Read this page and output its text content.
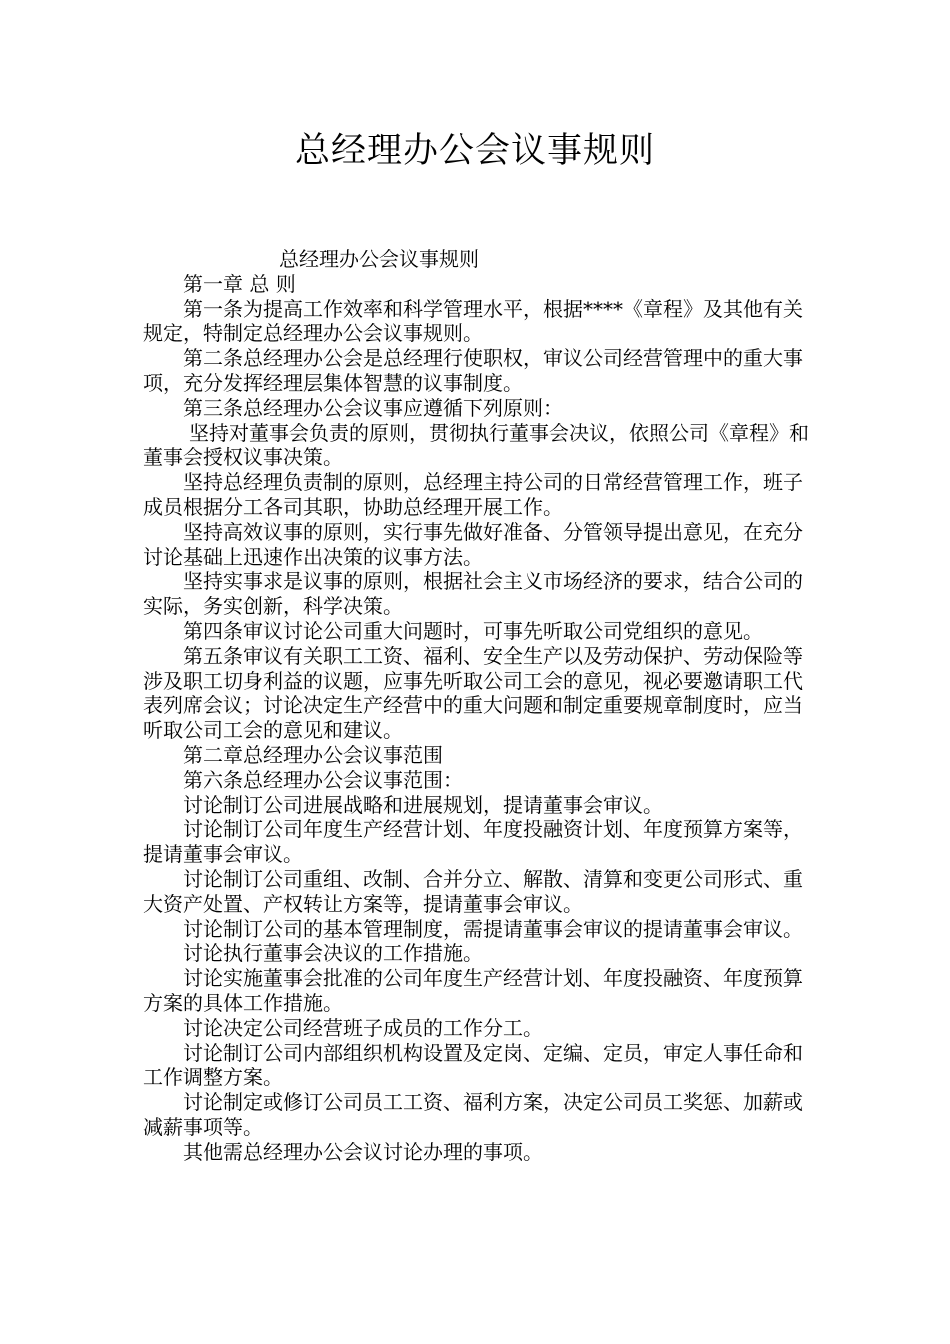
总经理办公会议事规则

总经理办公会议事规则

第一章 总 则

第一条为提高工作效率和科学管理水平，根据****《章程》及其他有关规定，特制定总经理办公会议事规则。

第二条总经理办公会是总经理行使职权，审议公司经营管理中的重大事项，充分发挥经理层集体智慧的议事制度。

第三条总经理办公会议事应遵循下列原则：

坚持对董事会负责的原则，贯彻执行董事会决议，依照公司《章程》和董事会授权议事决策。

坚持总经理负责制的原则，总经理主持公司的日常经营管理工作，班子成员根据分工各司其职，协助总经理开展工作。

坚持高效议事的原则，实行事先做好准备、分管领导提出意见，在充分讨论基础上迅速作出决策的议事方法。

坚持实事求是议事的原则，根据社会主义市场经济的要求，结合公司的实际，务实创新，科学决策。

第四条审议讨论公司重大问题时，可事先听取公司党组织的意见。

第五条审议有关职工工资、福利、安全生产以及劳动保护、劳动保险等涉及职工切身利益的议题，应事先听取公司工会的意见，视必要邀请职工代表列席会议；讨论决定生产经营中的重大问题和制定重要规章制度时，应当听取公司工会的意见和建议。

第二章总经理办公会议事范围

第六条总经理办公会议事范围：

讨论制订公司进展战略和进展规划，提请董事会审议。

讨论制订公司年度生产经营计划、年度投融资计划、年度预算方案等，提请董事会审议。

讨论制订公司重组、改制、合并分立、解散、清算和变更公司形式、重大资产处置、产权转让方案等，提请董事会审议。

讨论制订公司的基本管理制度，需提请董事会审议的提请董事会审议。

讨论执行董事会决议的工作措施。

讨论实施董事会批准的公司年度生产经营计划、年度投融资、年度预算方案的具体工作措施。

讨论决定公司经营班子成员的工作分工。

讨论制订公司内部组织机构设置及定岗、定编、定员，审定人事任命和工作调整方案。

讨论制定或修订公司员工工资、福利方案，决定公司员工奖惩、加薪或减薪事项等。

其他需总经理办公会议讨论办理的事项。
